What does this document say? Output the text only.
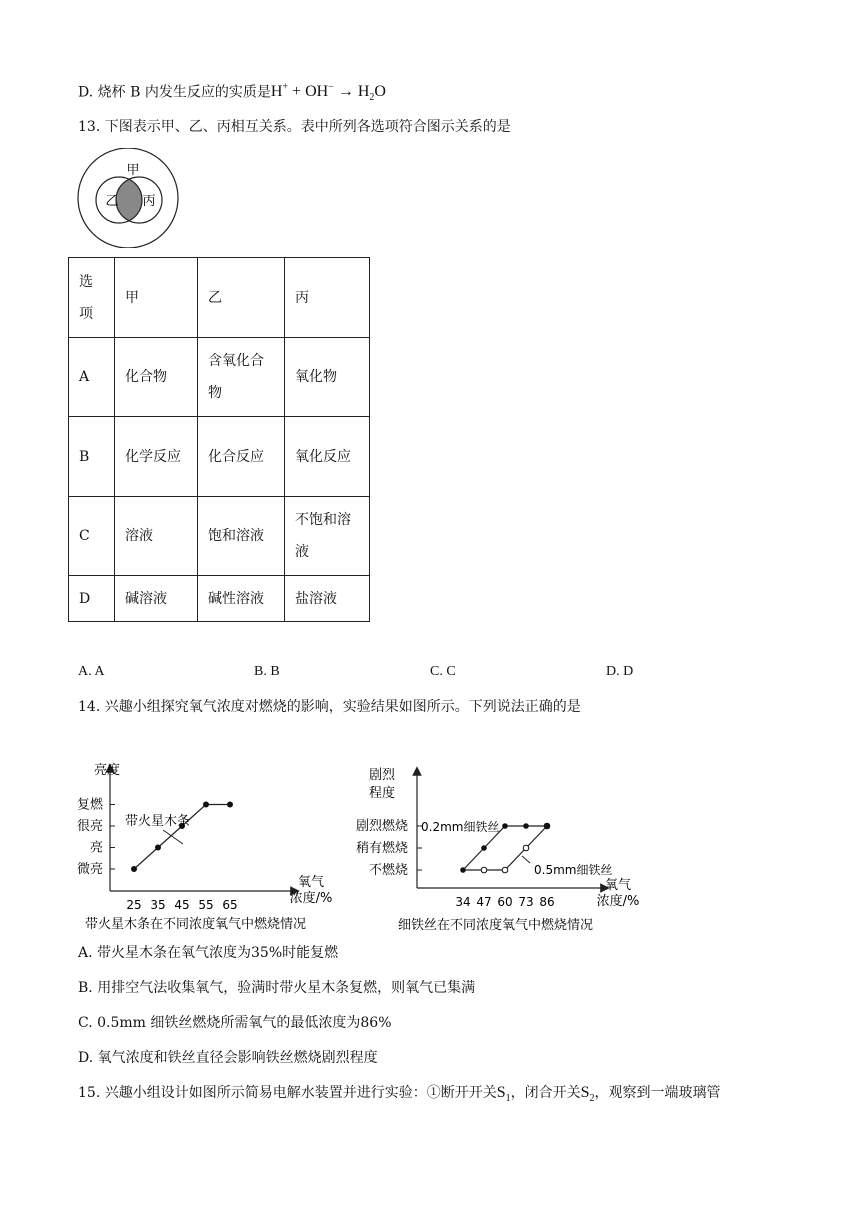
D. 烧杯 B 内发生反应的实质是$H^+ + OH^- \to H_2O$
13. 下图表示甲、乙、丙相互关系。表中所列各选项符合图示关系的是
甲
乙 丙
选项	甲	乙	丙
A	化合物	含氧化合物	氧化物
B	化学反应	化合反应	氧化反应
C	溶液	饱和溶液	不饱和溶液
D	碱溶液	碱性溶液	盐溶液
A. A	B. B	C. C	D. D
14. 兴趣小组探究氧气浓度对燃烧的影响，实验结果如图所示。下列说法正确的是
亮度
氧气
浓度/%
带火星木条在不同浓度氧气中燃烧情况
微亮
亮
很亮
复燃
25 35 45 55 65
带火星木条
剧烈
程度
氧气
浓度/%
细铁丝在不同浓度氧气中燃烧情况
不燃烧
稍有燃烧
剧烈燃烧
34 47 60 73 86
0.2mm细铁丝
0.5mm细铁丝
A. 带火星木条在氧气浓度为35%时能复燃
B. 用排空气法收集氧气，验满时带火星木条复燃，则氧气已集满
C. 0.5mm 细铁丝燃烧所需氧气的最低浓度为86%
D. 氧气浓度和铁丝直径会影响铁丝燃烧剧烈程度
15. 兴趣小组设计如图所示简易电解水装置并进行实验：①断开开关$S_1$，闭合开关$S_2$，观察到一端玻璃管
